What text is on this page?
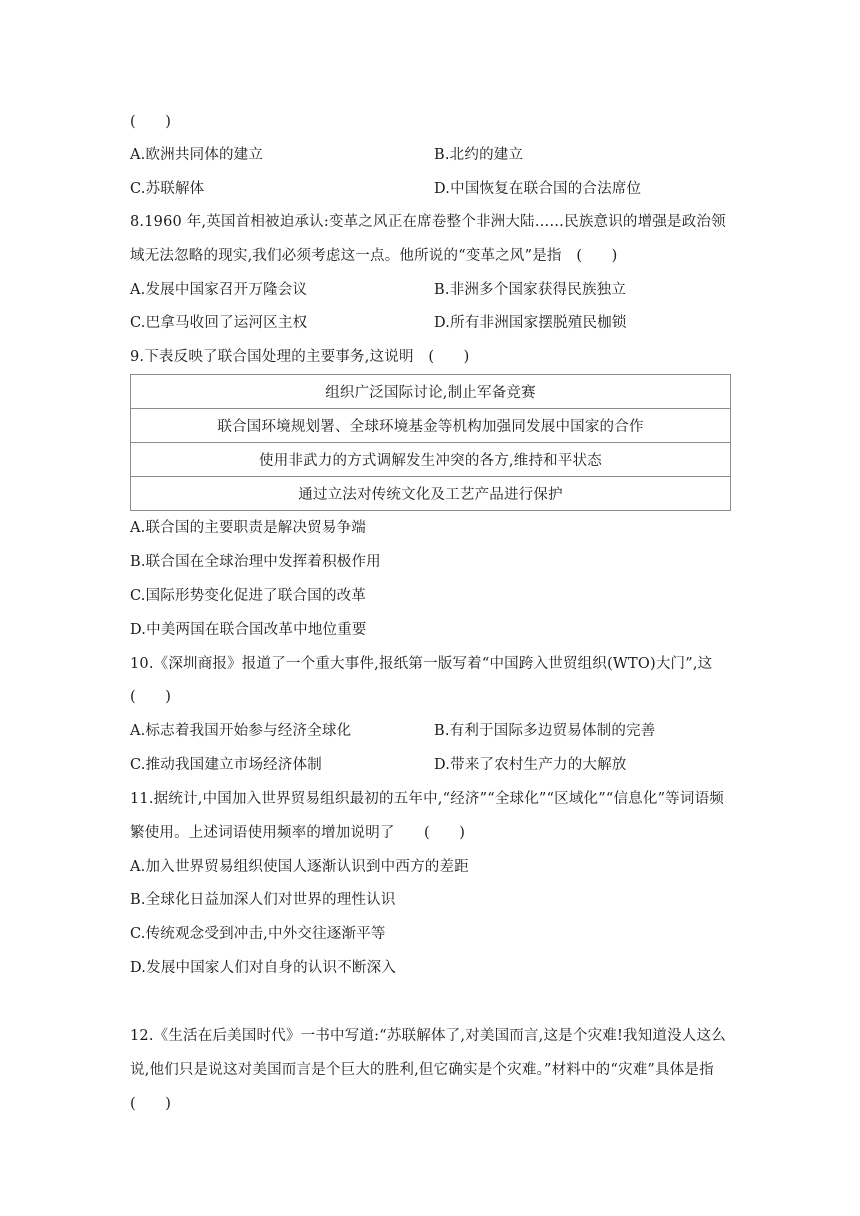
(　　)
A.欧洲共同体的建立	B.北约的建立
C.苏联解体	D.中国恢复在联合国的合法席位
8.1960 年,英国首相被迫承认:变革之风正在席卷整个非洲大陆……民族意识的增强是政治领
域无法忽略的现实,我们必须考虑这一点。他所说的“变革之风”是指　(　　)
A.发展中国家召开万隆会议	B.非洲多个国家获得民族独立
C.巴拿马收回了运河区主权	D.所有非洲国家摆脱殖民枷锁
9.下表反映了联合国处理的主要事务,这说明　(　　)
组织广泛国际讨论,制止军备竞赛
联合国环境规划署、全球环境基金等机构加强同发展中国家的合作
使用非武力的方式调解发生冲突的各方,维持和平状态
通过立法对传统文化及工艺产品进行保护
A.联合国的主要职责是解决贸易争端
B.联合国在全球治理中发挥着积极作用
C.国际形势变化促进了联合国的改革
D.中美两国在联合国改革中地位重要
10.《深圳商报》报道了一个重大事件,报纸第一版写着“中国跨入世贸组织(WTO)大门”,这
(　　)
A.标志着我国开始参与经济全球化	B.有利于国际多边贸易体制的完善
C.推动我国建立市场经济体制	D.带来了农村生产力的大解放
11.据统计,中国加入世界贸易组织最初的五年中,“经济”“全球化”“区域化”“信息化”等词语频
繁使用。上述词语使用频率的增加说明了　　(　　)
A.加入世界贸易组织使国人逐渐认识到中西方的差距
B.全球化日益加深人们对世界的理性认识
C.传统观念受到冲击,中外交往逐渐平等
D.发展中国家人们对自身的认识不断深入
12.《生活在后美国时代》一书中写道:“苏联解体了,对美国而言,这是个灾难!我知道没人这么
说,他们只是说这对美国而言是个巨大的胜利,但它确实是个灾难。”材料中的“灾难”具体是指
(　　)
